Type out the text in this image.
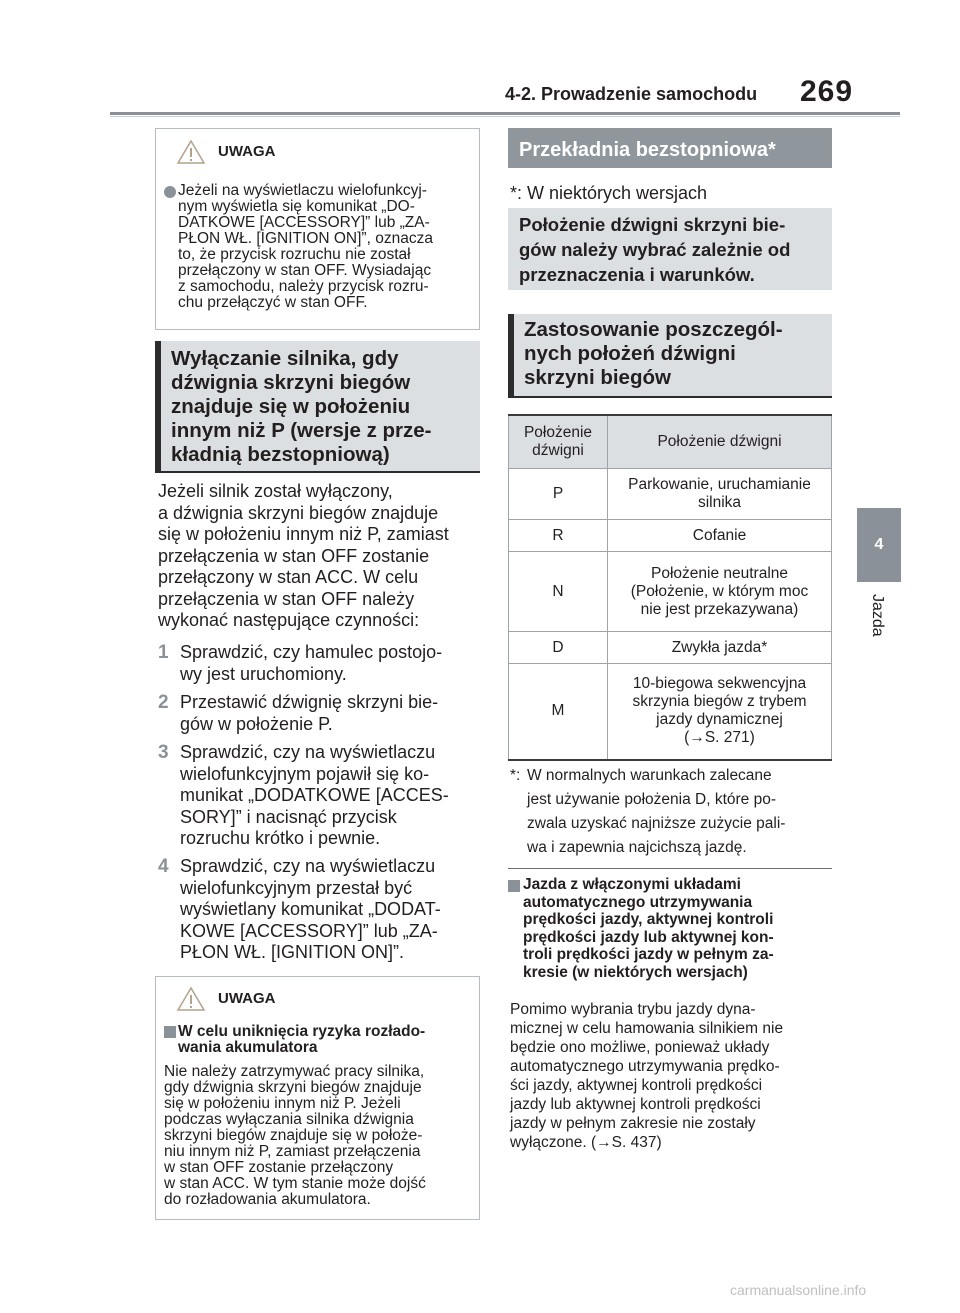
4-2. Prowadzenie samochodu 269
4
Jazda
UWAGA
Jeżeli na wyświetlaczu wielofunkcyj-
nym wyświetla się komunikat „DO-
DATKOWE [ACCESSORY]” lub „ZA-
PŁON WŁ. [IGNITION ON]”, oznacza
to, że przycisk rozruchu nie został
przełączony w stan OFF. Wysiadając
z samochodu, należy przycisk rozru-
chu przełączyć w stan OFF.
Wyłączanie silnika, gdy
dźwignia skrzyni biegów
znajduje się w położeniu
innym niż P (wersje z prze-
kładnią bezstopniową)
Jeżeli silnik został wyłączony,
a dźwignia skrzyni biegów znajduje
się w położeniu innym niż P, zamiast
przełączenia w stan OFF zostanie
przełączony w stan ACC. W celu
przełączenia w stan OFF należy
wykonać następujące czynności:
1 Sprawdzić, czy hamulec postojo-
wy jest uruchomiony.
2 Przestawić dźwignię skrzyni bie-
gów w położenie P.
3 Sprawdzić, czy na wyświetlaczu
wielofunkcyjnym pojawił się ko-
munikat „DODATKOWE [ACCES-
SORY]” i nacisnąć przycisk
rozruchu krótko i pewnie.
4 Sprawdzić, czy na wyświetlaczu
wielofunkcyjnym przestał być
wyświetlany komunikat „DODAT-
KOWE [ACCESSORY]” lub „ZA-
PŁON WŁ. [IGNITION ON]”.
UWAGA
W celu uniknięcia ryzyka rozłado-
wania akumulatora
Nie należy zatrzymywać pracy silnika,
gdy dźwignia skrzyni biegów znajduje
się w położeniu innym niż P. Jeżeli
podczas wyłączania silnika dźwignia
skrzyni biegów znajduje się w położe-
niu innym niż P, zamiast przełączenia
w stan OFF zostanie przełączony
w stan ACC. W tym stanie może dojść
do rozładowania akumulatora.
Przekładnia bezstopniowa*
*: W niektórych wersjach
Położenie dźwigni skrzyni bie-
gów należy wybrać zależnie od
przeznaczenia i warunków.
Zastosowanie poszczegól-
nych położeń dźwigni
skrzyni biegów
Położenie
dźwigni	Położenie dźwigni
P	Parkowanie, uruchamianie
silnika

R	Cofanie
N	Położenie neutralne
(Położenie, w którym moc
nie jest przekazywana)

D	Zwykła jazda*
M	10-biegowa sekwencyjna
skrzynia biegów z trybem
jazdy dynamicznej
(→S. 271)
*: W normalnych warunkach zalecane
jest używanie położenia D, które po-
zwala uzyskać najniższe zużycie pali-
wa i zapewnia najcichszą jazdę.
Jazda z włączonymi układami
automatycznego utrzymywania
prędkości jazdy, aktywnej kontroli
prędkości jazdy lub aktywnej kon-
troli prędkości jazdy w pełnym za-
kresie (w niektórych wersjach)
Pomimo wybrania trybu jazdy dyna-
micznej w celu hamowania silnikiem nie
będzie ono możliwe, ponieważ układy
automatycznego utrzymywania prędko-
ści jazdy, aktywnej kontroli prędkości
jazdy lub aktywnej kontroli prędkości
jazdy w pełnym zakresie nie zostały
wyłączone. (→S. 437)
carmanualsonline.info
